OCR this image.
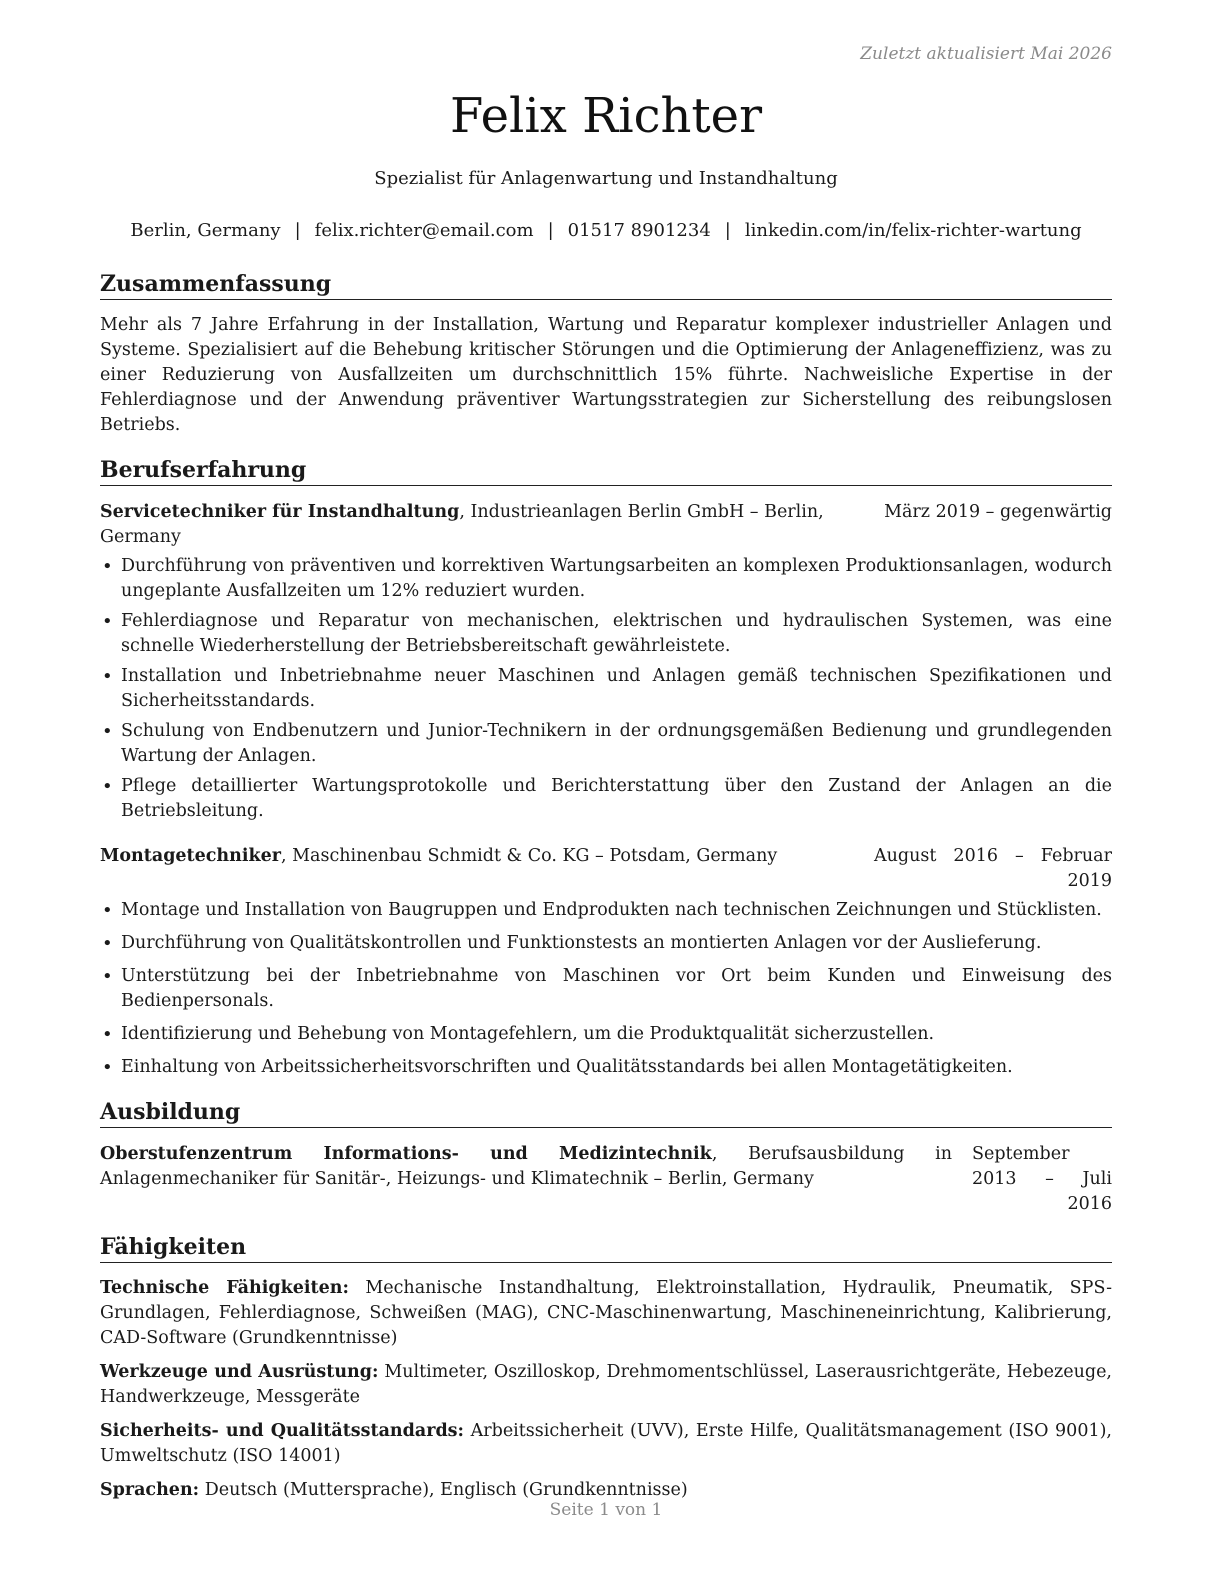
Zuletzt aktualisiert Mai 2026
Felix Richter
Spezialist für Anlagenwartung und Instandhaltung
Berlin, Germany | felix.richter@email.com | 01517 8901234 | linkedin.com/in/felix-richter-wartung
Zusammenfassung

Mehr als 7 Jahre Erfahrung in der Installation, Wartung und Reparatur komplexer industrieller Anlagen und Systeme. Spezialisiert auf die Behebung kritischer Störungen und die Optimierung der Anlageneffizienz, was zu einer Reduzierung von Ausfallzeiten um durchschnittlich 15% führte. Nachweisliche Expertise in der Fehlerdiagnose und der Anwendung präventiver Wartungsstrategien zur Sicherstellung des reibungslosen Betriebs.

Berufserfahrung
Servicetechniker für Instandhaltung, Industrieanlagen Berlin GmbH – Berlin, Germany
März 2019 – gegenwärtig
• Durchführung von präventiven und korrektiven Wartungsarbeiten an komplexen Produktionsanlagen, wodurch ungeplante Ausfallzeiten um 12% reduziert wurden.
• Fehlerdiagnose und Reparatur von mechanischen, elektrischen und hydraulischen Systemen, was eine schnelle Wiederherstellung der Betriebsbereitschaft gewährleistete.
• Installation und Inbetriebnahme neuer Maschinen und Anlagen gemäß technischen Spezifikationen und Sicherheitsstandards.
• Schulung von Endbenutzern und Junior-Technikern in der ordnungsgemäßen Bedienung und grundlegenden Wartung der Anlagen.
• Pflege detaillierter Wartungsprotokolle und Berichterstattung über den Zustand der Anlagen an die Betriebsleitung.
Montagetechniker, Maschinenbau Schmidt & Co. KG – Potsdam, Germany	August 2016 – Februar 2019
• Montage und Installation von Baugruppen und Endprodukten nach technischen Zeichnungen und Stücklisten.
• Durchführung von Qualitätskontrollen und Funktionstests an montierten Anlagen vor der Auslieferung.
• Unterstützung bei der Inbetriebnahme von Maschinen vor Ort beim Kunden und Einweisung des Bedienpersonals.
• Identifizierung und Behebung von Montagefehlern, um die Produktqualität sicherzustellen.
• Einhaltung von Arbeitssicherheitsvorschriften und Qualitätsstandards bei allen Montagetätigkeiten.
Ausbildung
Oberstufenzentrum Informations- und Medizintechnik, Berufsausbildung in Anlagenmechaniker für Sanitär-, Heizungs- und Klimatechnik – Berlin, Germany
September 2013 – Juli 2016
Fähigkeiten

Technische Fähigkeiten: Mechanische Instandhaltung, Elektroinstallation, Hydraulik, Pneumatik, SPS-Grundlagen, Fehlerdiagnose, Schweißen (MAG), CNC-Maschinenwartung, Maschineneinrichtung, Kalibrierung, CAD-Software (Grundkenntnisse)

Werkzeuge und Ausrüstung: Multimeter, Oszilloskop, Drehmomentschlüssel, Laserausrichtgeräte, Hebezeuge, Handwerkzeuge, Messgeräte

Sicherheits- und Qualitätsstandards: Arbeitssicherheit (UVV), Erste Hilfe, Qualitätsmanagement (ISO 9001), Umweltschutz (ISO 14001)

Sprachen: Deutsch (Muttersprache), Englisch (Grundkenntnisse)

Seite 1 von 1
